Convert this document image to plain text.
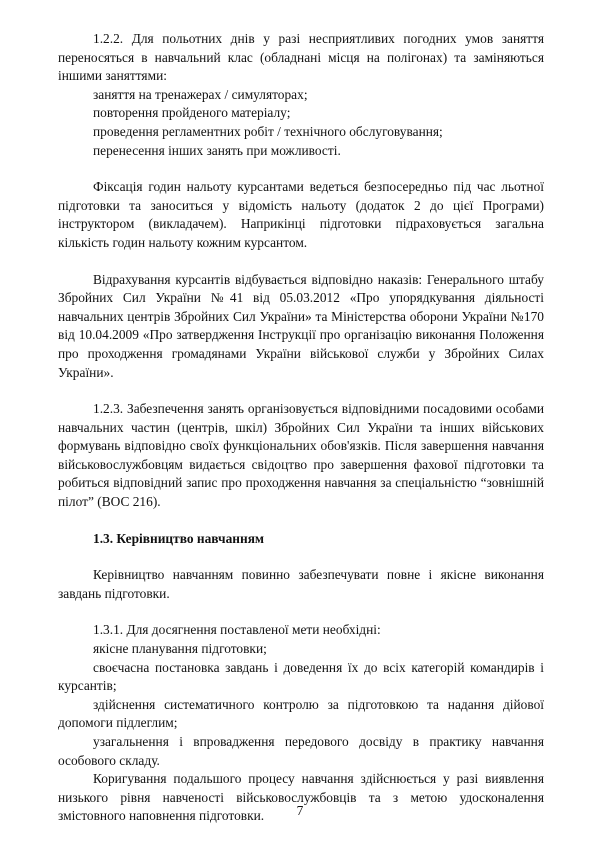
1.2.2. Для польотних днів у разі несприятливих погодних умов заняття переносяться в навчальний клас (обладнані місця на полігонах) та заміняються іншими заняттями:

заняття на тренажерах / симуляторах;

повторення пройденого матеріалу;

проведення регламентних робіт / технічного обслуговування;

перенесення інших занять при можливості.

Фіксація годин нальоту курсантами ведеться безпосередньо під час льотної підготовки та заноситься у відомість нальоту (додаток 2 до цієї Програми) інструктором (викладачем). Наприкінці підготовки підраховується загальна кількість годин нальоту кожним курсантом.

Відрахування курсантів відбувається відповідно наказів: Генерального штабу Збройних Сил України №41 від 05.03.2012 «Про упорядкування діяльності навчальних центрів Збройних Сил України» та Міністерства оборони України №170 від 10.04.2009 «Про затвердження Інструкції про організацію виконання Положення про проходження громадянами України військової служби у Збройних Силах України».

1.2.3. Забезпечення занять організовується відповідними посадовими особами навчальних частин (центрів, шкіл) Збройних Сил України та інших військових формувань відповідно своїх функціональних обов'язків. Після завершення навчання військовослужбовцям видається свідоцтво про завершення фахової підготовки та робиться відповідний запис про проходження навчання за спеціальністю “зовнішній пілот” (ВОС 216).

1.3. Керівництво навчанням

Керівництво навчанням повинно забезпечувати повне і якісне виконання завдань підготовки.

1.3.1. Для досягнення поставленої мети необхідні:

якісне планування підготовки;

своєчасна постановка завдань і доведення їх до всіх категорій командирів і курсантів;

здійснення систематичного контролю за підготовкою та надання дійової допомоги підлеглим;

узагальнення і впровадження передового досвіду в практику навчання особового складу.

Коригування подальшого процесу навчання здійснюється у разі виявлення низького рівня навченості військовослужбовців та з метою удосконалення змістовного наповнення підготовки.	7
